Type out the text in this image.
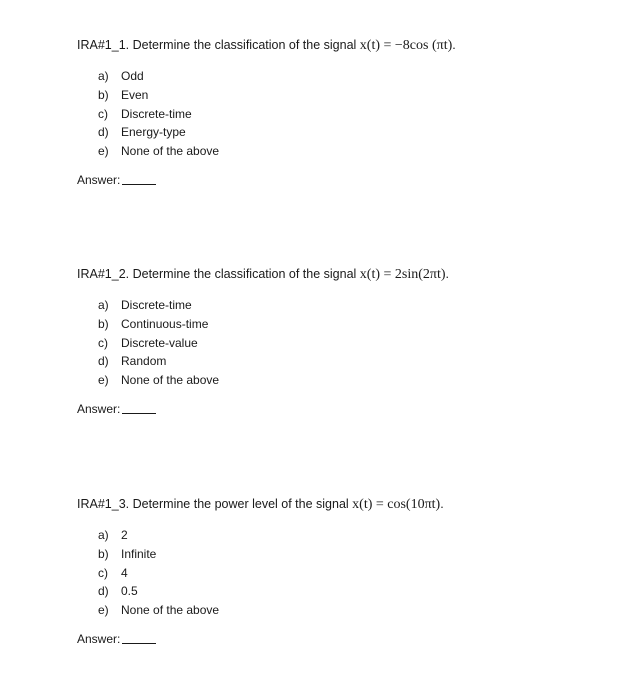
IRA#1_1. Determine the classification of the signal x(t) = −8cos (πt).
a) Odd
b) Even
c) Discrete-time
d) Energy-type
e) None of the above
Answer:
IRA#1_2. Determine the classification of the signal x(t) = 2sin(2πt).
a) Discrete-time
b) Continuous-time
c) Discrete-value
d) Random
e) None of the above
Answer:
IRA#1_3. Determine the power level of the signal x(t) = cos(10πt).
a) 2
b) Infinite
c) 4
d) 0.5
e) None of the above
Answer:
